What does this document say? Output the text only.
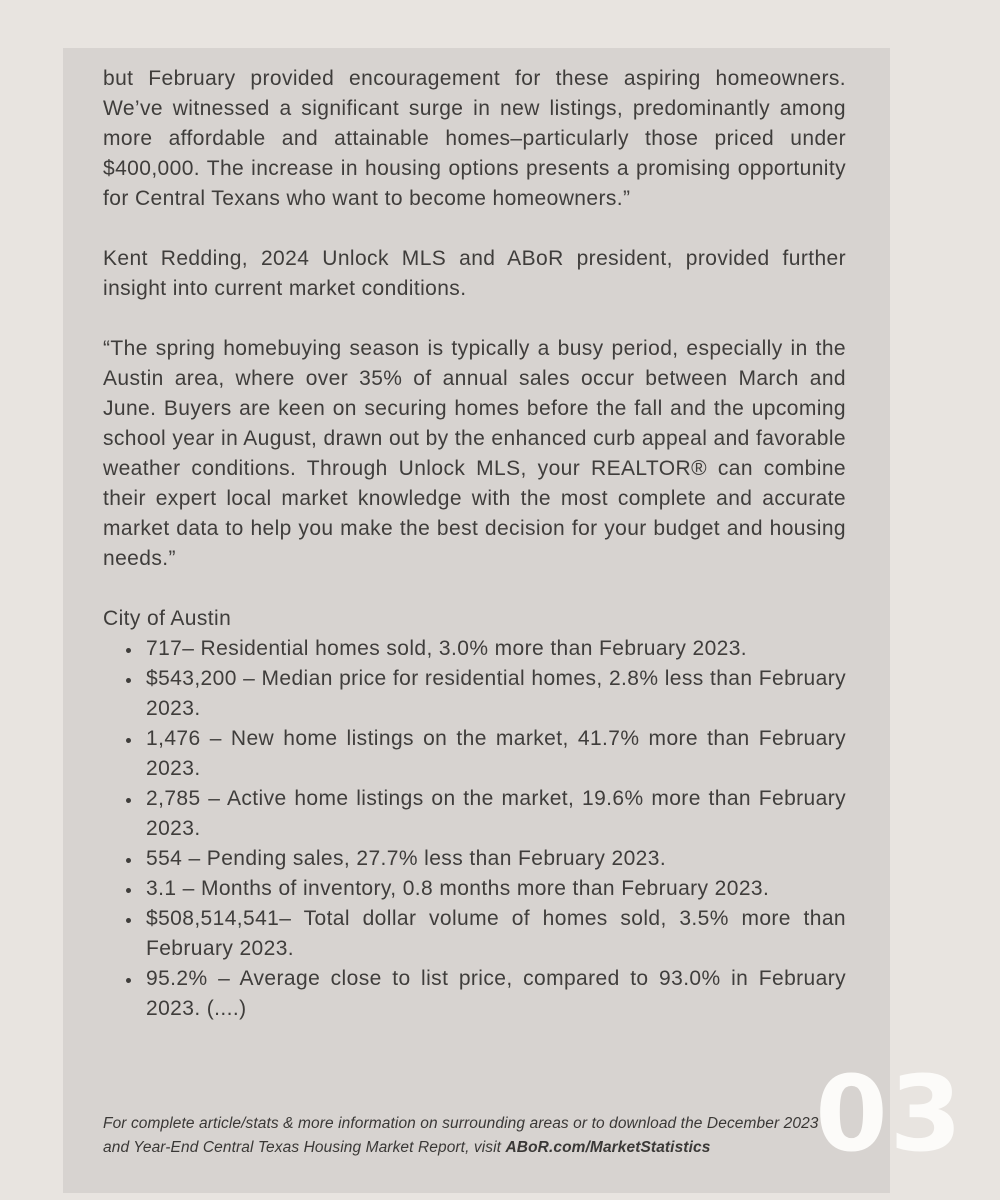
but February provided encouragement for these aspiring homeowners. We’ve witnessed a significant surge in new listings, predominantly among more affordable and attainable homes–particularly those priced under $400,000. The increase in housing options presents a promising opportunity for Central Texans who want to become homeowners.”

Kent Redding, 2024 Unlock MLS and ABoR president, provided further insight into current market conditions.

“The spring homebuying season is typically a busy period, especially in the Austin area, where over 35% of annual sales occur between March and June. Buyers are keen on securing homes before the fall and the upcoming school year in August, drawn out by the enhanced curb appeal and favorable weather conditions. Through Unlock MLS, your REALTOR® can combine their expert local market knowledge with the most complete and accurate market data to help you make the best decision for your budget and housing needs.”

City of Austin
• 717– Residential homes sold, 3.0% more than February 2023.
• $543,200 – Median price for residential homes, 2.8% less than February 2023.
• 1,476 – New home listings on the market, 41.7% more than February 2023.
• 2,785 – Active home listings on the market, 19.6% more than February 2023.
• 554 – Pending sales, 27.7% less than February 2023.
• 3.1 – Months of inventory, 0.8 months more than February 2023.
• $508,514,541– Total dollar volume of homes sold, 3.5% more than February 2023.
• 95.2% – Average close to list price, compared to 93.0% in February 2023. (....)

For complete article/stats & more information on surrounding areas or to download the December 2023 and Year-End Central Texas Housing Market Report, visit ABoR.com/MarketStatistics	03
